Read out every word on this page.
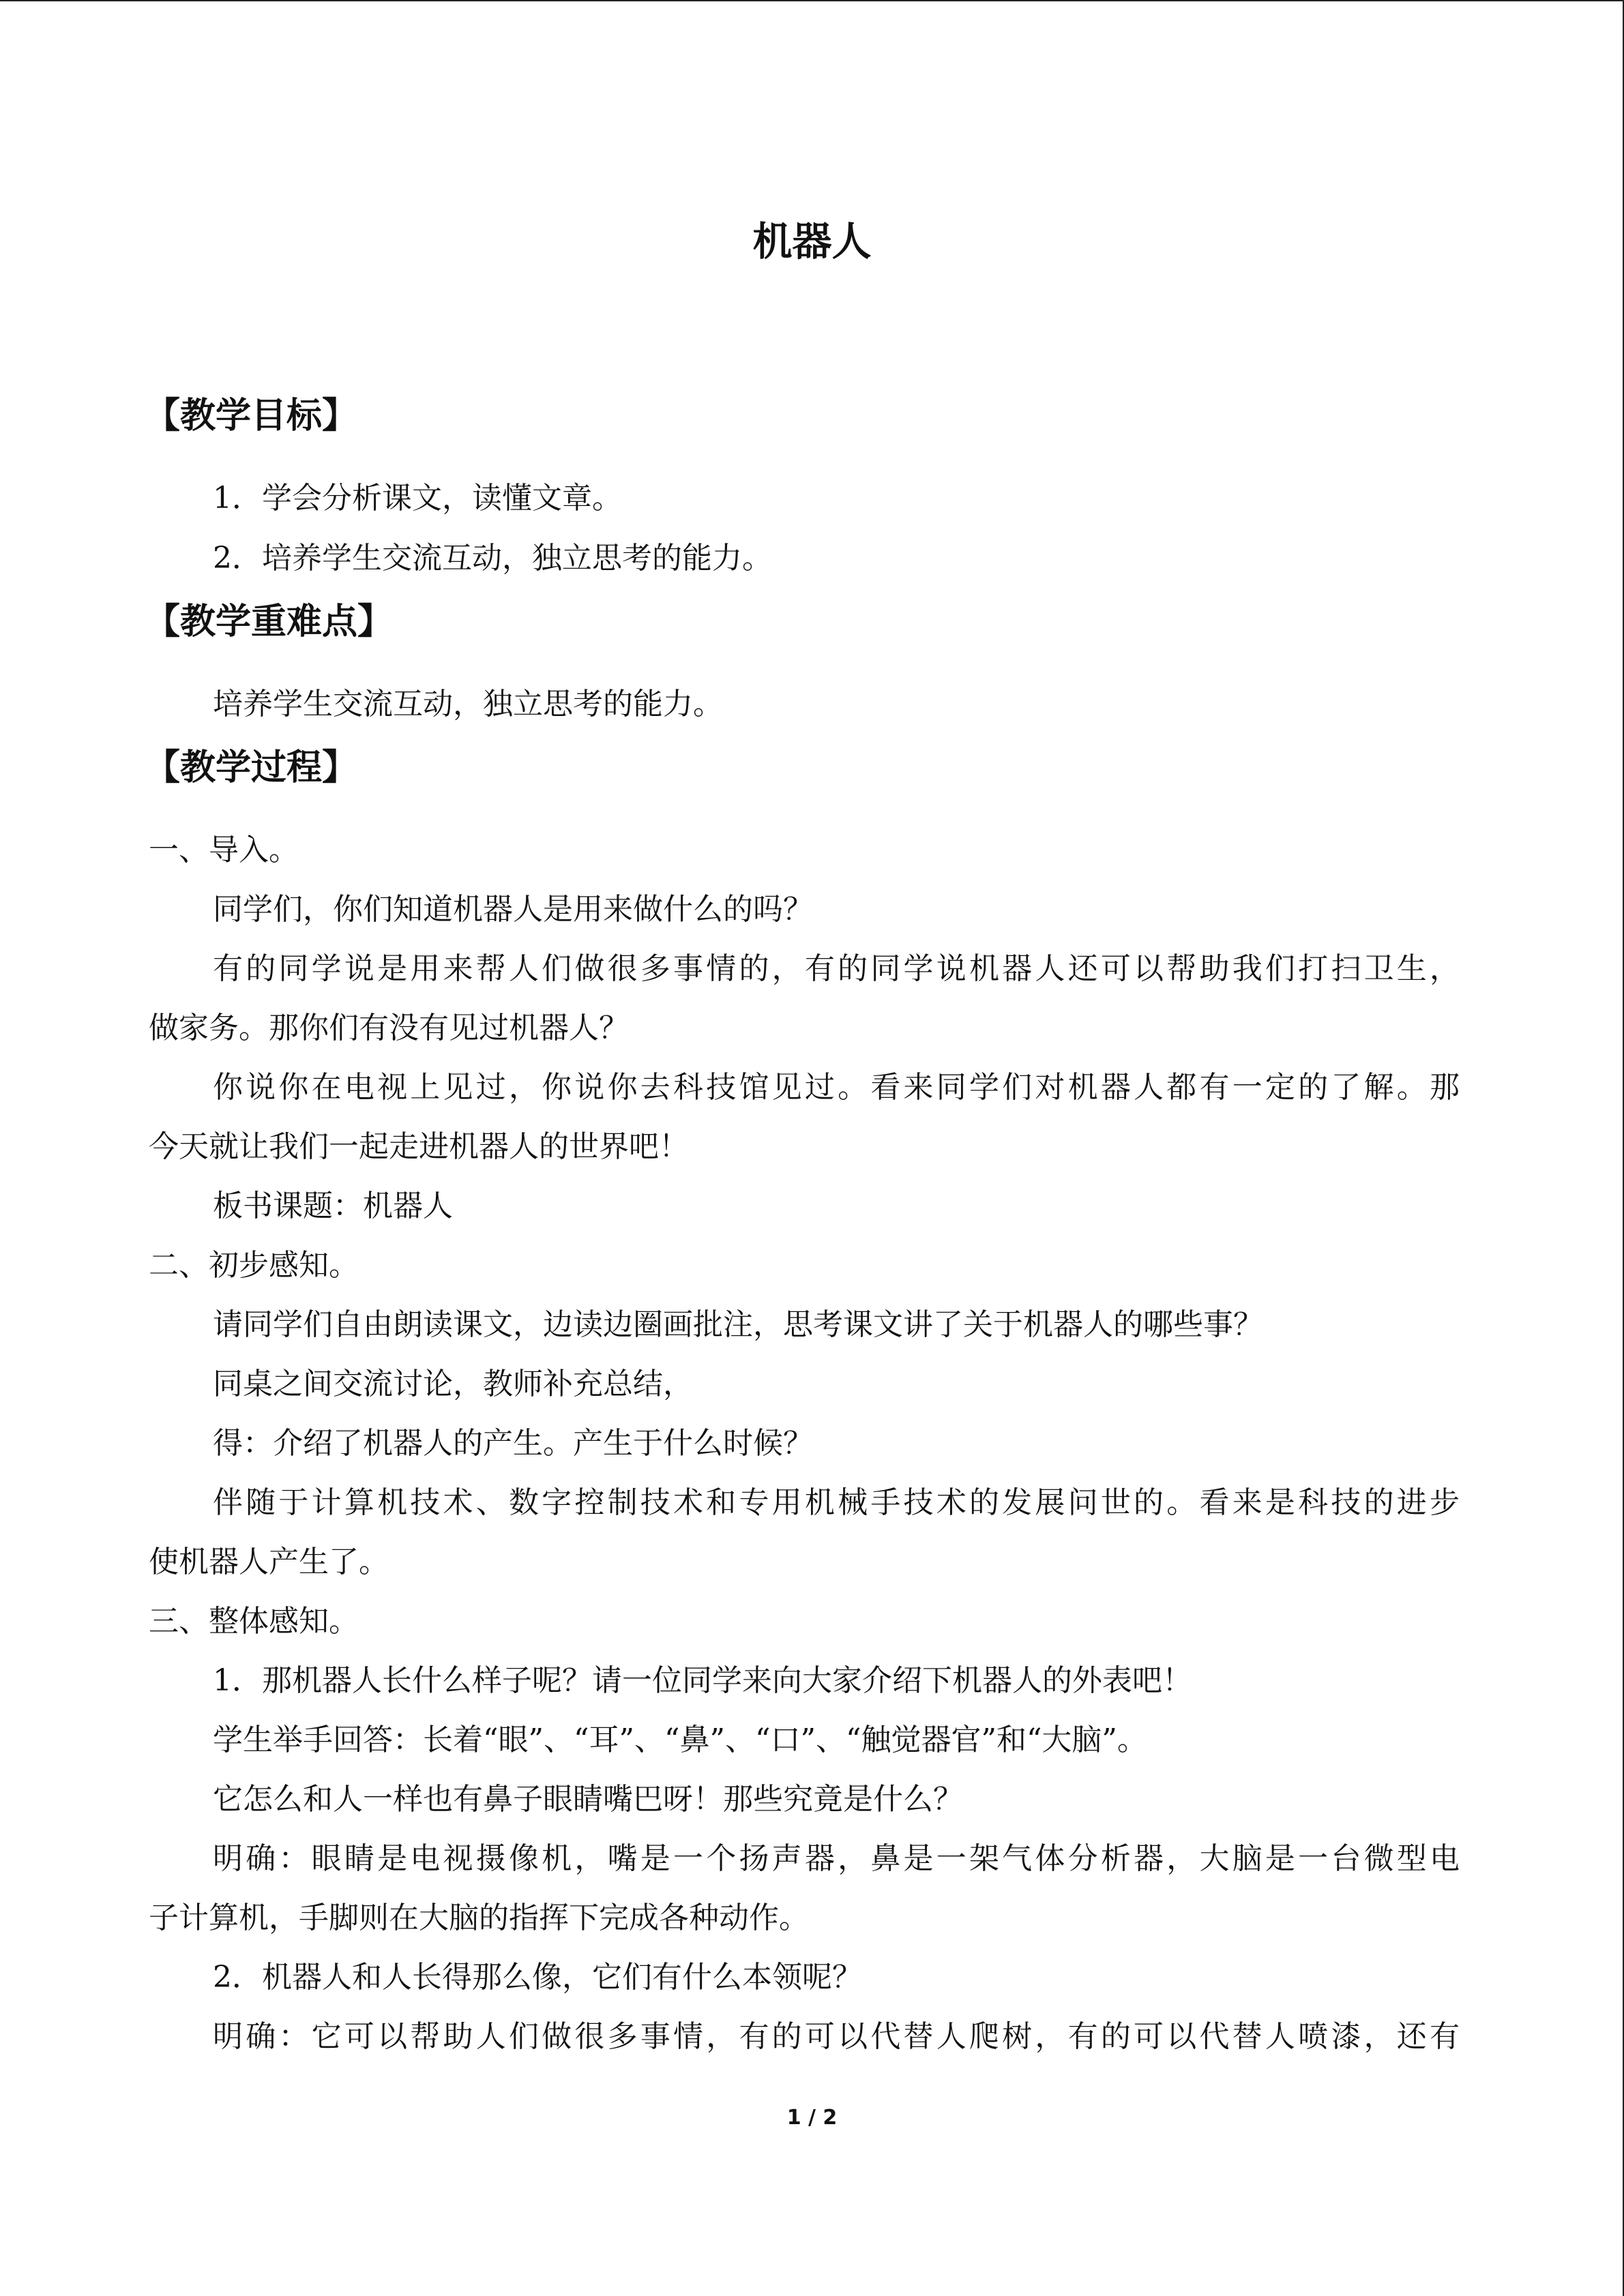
机器人
【教学目标】
1．学会分析课文，读懂文章。
2．培养学生交流互动，独立思考的能力。
【教学重难点】
培养学生交流互动，独立思考的能力。
【教学过程】
一、导入。
同学们，你们知道机器人是用来做什么的吗？
有的同学说是用来帮人们做很多事情的，有的同学说机器人还可以帮助我们打扫卫生，
做家务。那你们有没有见过机器人？
你说你在电视上见过，你说你去科技馆见过。看来同学们对机器人都有一定的了解。那
今天就让我们一起走进机器人的世界吧！
板书课题：机器人
二、初步感知。
请同学们自由朗读课文，边读边圈画批注，思考课文讲了关于机器人的哪些事？
同桌之间交流讨论，教师补充总结，
得：介绍了机器人的产生。产生于什么时候？
伴随于计算机技术、数字控制技术和专用机械手技术的发展问世的。看来是科技的进步
使机器人产生了。
三、整体感知。
1．那机器人长什么样子呢？请一位同学来向大家介绍下机器人的外表吧！
学生举手回答：长着“眼”、“耳”、“鼻”、“口”、“触觉器官”和“大脑”。
它怎么和人一样也有鼻子眼睛嘴巴呀！那些究竟是什么？
明确：眼睛是电视摄像机，嘴是一个扬声器，鼻是一架气体分析器，大脑是一台微型电
子计算机，手脚则在大脑的指挥下完成各种动作。
2．机器人和人长得那么像，它们有什么本领呢？
明确：它可以帮助人们做很多事情，有的可以代替人爬树，有的可以代替人喷漆，还有
1 / 2
